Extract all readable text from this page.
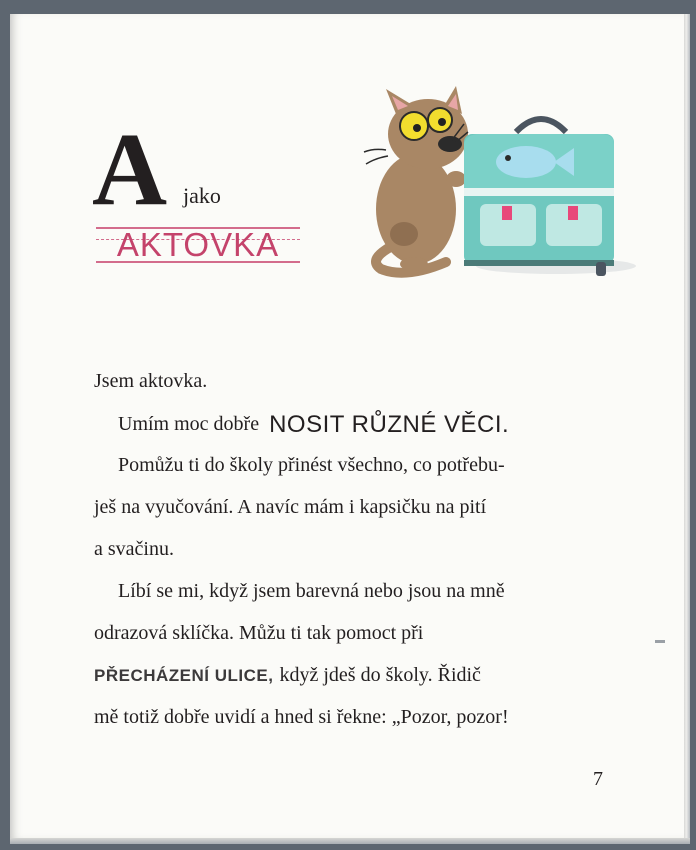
A jako
AKTOVKA
Jsem aktovka.
Umím moc dobře NOSIT RŮZNÉ VĚCI.
Pomůžu ti do školy přinést všechno, co potřebu-
ješ na vyučování. A navíc mám i kapsičku na pití
a svačinu.
Líbí se mi, když jsem barevná nebo jsou na mně
odrazová sklíčka. Můžu ti tak pomoct při
PŘECHÁZENÍ ULICE, když jdeš do školy. Řidič
mě totiž dobře uvidí a hned si řekne: „Pozor, pozor!
7
